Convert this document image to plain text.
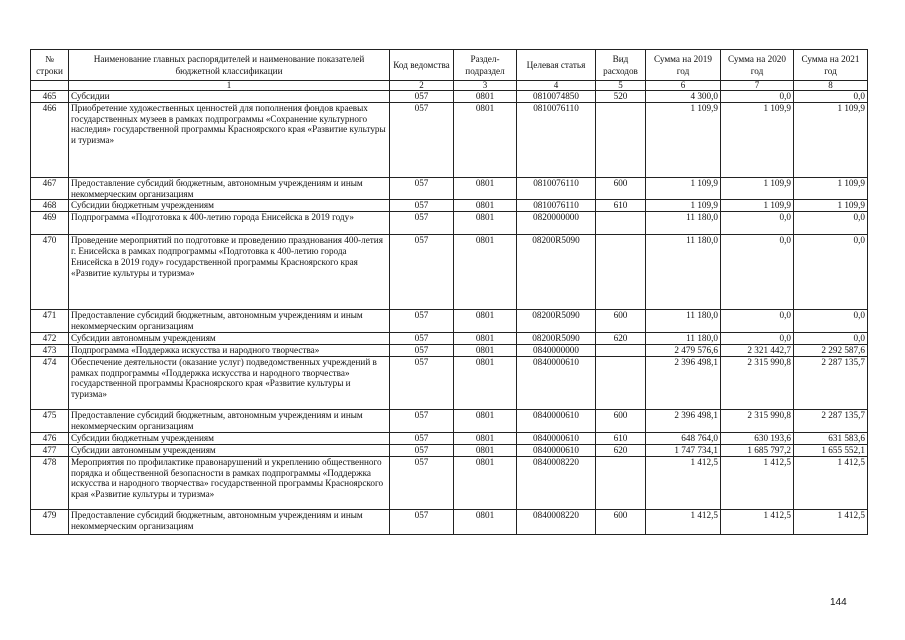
№ строки	Наименование главных распорядителей и наименование показателей бюджетной классификации	Код ведомства	Раздел-подраздел	Целевая статья	Вид расходов	Сумма на 2019 год	Сумма на 2020 год	Сумма на 2021 год
	1	2	3	4	5	6	7	8
465	Субсидии	057	0801	0810074850	520	4 300,0	0,0	0,0
466	Приобретение художественных ценностей для пополнения фондов краевых государственных музеев в рамках подпрограммы «Сохранение культурного наследия» государственной программы Красноярского края «Развитие культуры и туризма»	057	0801	0810076110		1 109,9	1 109,9	1 109,9
467	Предоставление субсидий бюджетным, автономным учреждениям и иным некоммерческим организациям	057	0801	0810076110	600	1 109,9	1 109,9	1 109,9
468	Субсидии бюджетным учреждениям	057	0801	0810076110	610	1 109,9	1 109,9	1 109,9
469	Подпрограмма «Подготовка к 400-летию города Енисейска в 2019 году»	057	0801	0820000000		11 180,0	0,0	0,0
470	Проведение мероприятий по подготовке и проведению празднования 400-летия г. Енисейска в рамках подпрограммы «Подготовка к 400-летию города Енисейска в 2019 году» государственной программы Красноярского края «Развитие культуры и туризма»	057	0801	08200R5090		11 180,0	0,0	0,0
471	Предоставление субсидий бюджетным, автономным учреждениям и иным некоммерческим организациям	057	0801	08200R5090	600	11 180,0	0,0	0,0
472	Субсидии автономным учреждениям	057	0801	08200R5090	620	11 180,0	0,0	0,0
473	Подпрограмма «Поддержка искусства и народного творчества»	057	0801	0840000000		2 479 576,6	2 321 442,7	2 292 587,6
474	Обеспечение деятельности (оказание услуг) подведомственных учреждений в рамках подпрограммы «Поддержка искусства и народного творчества» государственной программы Красноярского края «Развитие культуры и туризма»	057	0801	0840000610		2 396 498,1	2 315 990,8	2 287 135,7
475	Предоставление субсидий бюджетным, автономным учреждениям и иным некоммерческим организациям	057	0801	0840000610	600	2 396 498,1	2 315 990,8	2 287 135,7
476	Субсидии бюджетным учреждениям	057	0801	0840000610	610	648 764,0	630 193,6	631 583,6
477	Субсидии автономным учреждениям	057	0801	0840000610	620	1 747 734,1	1 685 797,2	1 655 552,1
478	Мероприятия по профилактике правонарушений и укреплению общественного порядка и общественной безопасности в рамках подпрограммы «Поддержка искусства и народного творчества» государственной программы Красноярского края «Развитие культуры и туризма»	057	0801	0840008220		1 412,5	1 412,5	1 412,5
479	Предоставление субсидий бюджетным, автономным учреждениям и иным некоммерческим организациям	057	0801	0840008220	600	1 412,5	1 412,5	1 412,5
144
